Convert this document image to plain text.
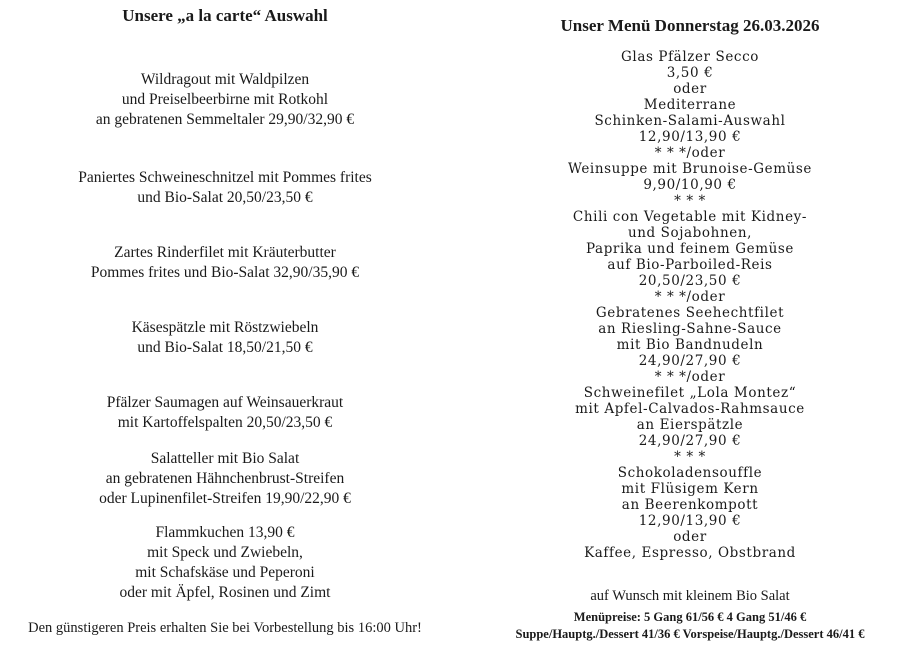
Unsere „a la carte“ Auswahl
Wildragout mit Waldpilzen
und Preiselbeerbirne mit Rotkohl
an gebratenen Semmeltaler 29,90/32,90 €
Paniertes Schweineschnitzel mit Pommes frites
und Bio-Salat 20,50/23,50 €
Zartes Rinderfilet mit Kräuterbutter
Pommes frites und Bio-Salat 32,90/35,90 €
Käsespätzle mit Röstzwiebeln
und Bio-Salat 18,50/21,50 €
Pfälzer Saumagen auf Weinsauerkraut
mit Kartoffelspalten 20,50/23,50 €
Salatteller mit Bio Salat
an gebratenen Hähnchenbrust-Streifen
oder Lupinenfilet-Streifen 19,90/22,90 €
Flammkuchen 13,90 €
mit Speck und Zwiebeln,
mit Schafskäse und Peperoni
oder mit Äpfel, Rosinen und Zimt
Den günstigeren Preis erhalten Sie bei Vorbestellung bis 16:00 Uhr!
Unser Menü Donnerstag 26.03.2026
Glas Pfälzer Secco
3,50 €
oder
Mediterrane
Schinken-Salami-Auswahl
12,90/13,90 €
* * */oder
Weinsuppe mit Brunoise-Gemüse
9,90/10,90 €
* * *
Chili con Vegetable mit Kidney-
und Sojabohnen,
Paprika und feinem Gemüse
auf Bio-Parboiled-Reis
20,50/23,50 €
* * */oder
Gebratenes Seehechtfilet
an Riesling-Sahne-Sauce
mit Bio Bandnudeln
24,90/27,90 €
* * */oder
Schweinefilet „Lola Montez“
mit Apfel-Calvados-Rahmsauce
an Eierspätzle
24,90/27,90 €
* * *
Schokoladensouffle
mit Flüsigem Kern
an Beerenkompott
12,90/13,90 €
oder
Kaffee, Espresso, Obstbrand
auf Wunsch mit kleinem Bio Salat
Menüpreise: 5 Gang 61/56 € 4 Gang 51/46 €
Suppe/Hauptg./Dessert 41/36 € Vorspeise/Hauptg./Dessert 46/41 €
